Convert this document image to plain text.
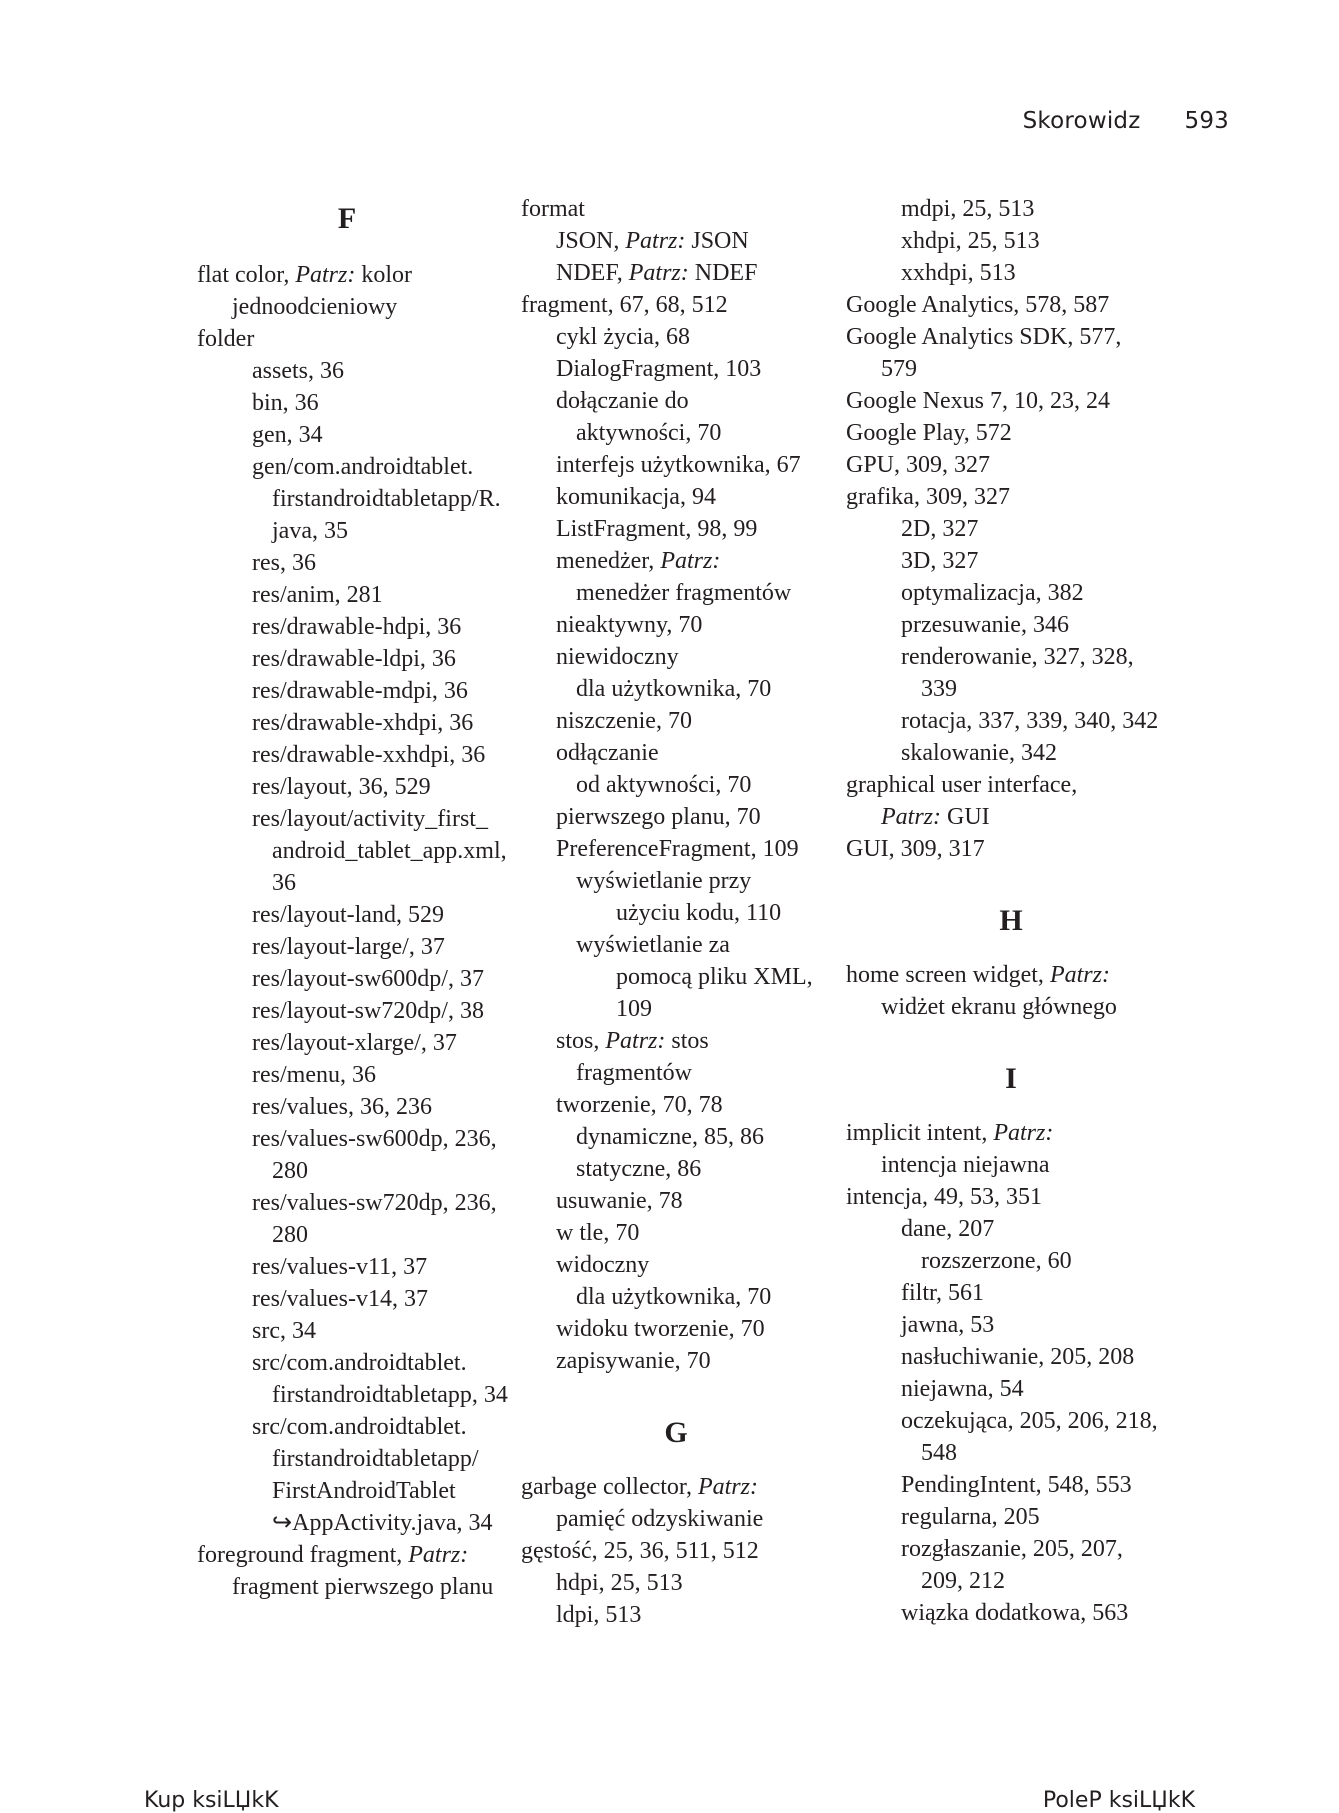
Skorowidz 593
F
flat color, Patrz: kolor
jednoodcieniowy
folder
assets, 36
bin, 36
gen, 34
gen/com.androidtablet.
firstandroidtabletapp/R.
java, 35
res, 36
res/anim, 281
res/drawable-hdpi, 36
res/drawable-ldpi, 36
res/drawable-mdpi, 36
res/drawable-xhdpi, 36
res/drawable-xxhdpi, 36
res/layout, 36, 529
res/layout/activity_first_
android_tablet_app.xml,
36
res/layout-land, 529
res/layout-large/, 37
res/layout-sw600dp/, 37
res/layout-sw720dp/, 38
res/layout-xlarge/, 37
res/menu, 36
res/values, 36, 236
res/values-sw600dp, 236,
280
res/values-sw720dp, 236,
280
res/values-v11, 37
res/values-v14, 37
src, 34
src/com.androidtablet.
firstandroidtabletapp, 34
src/com.androidtablet.
firstandroidtabletapp/
FirstAndroidTablet
↪AppActivity.java, 34
foreground fragment, Patrz:
fragment pierwszego planu
format
JSON, Patrz: JSON
NDEF, Patrz: NDEF
fragment, 67, 68, 512
cykl życia, 68
DialogFragment, 103
dołączanie do
aktywności, 70
interfejs użytkownika, 67
komunikacja, 94
ListFragment, 98, 99
menedżer, Patrz:
menedżer fragmentów
nieaktywny, 70
niewidoczny
dla użytkownika, 70
niszczenie, 70
odłączanie
od aktywności, 70
pierwszego planu, 70
PreferenceFragment, 109
wyświetlanie przy
użyciu kodu, 110
wyświetlanie za
pomocą pliku XML,
109
stos, Patrz: stos
fragmentów
tworzenie, 70, 78
dynamiczne, 85, 86
statyczne, 86
usuwanie, 78
w tle, 70
widoczny
dla użytkownika, 70
widoku tworzenie, 70
zapisywanie, 70
G
garbage collector, Patrz:
pamięć odzyskiwanie
gęstość, 25, 36, 511, 512
hdpi, 25, 513
ldpi, 513
mdpi, 25, 513
xhdpi, 25, 513
xxhdpi, 513
Google Analytics, 578, 587
Google Analytics SDK, 577,
579
Google Nexus 7, 10, 23, 24
Google Play, 572
GPU, 309, 327
grafika, 309, 327
2D, 327
3D, 327
optymalizacja, 382
przesuwanie, 346
renderowanie, 327, 328,
339
rotacja, 337, 339, 340, 342
skalowanie, 342
graphical user interface,
Patrz: GUI
GUI, 309, 317
H
home screen widget, Patrz:
widżet ekranu głównego
I
implicit intent, Patrz:
intencja niejawna
intencja, 49, 53, 351
dane, 207
rozszerzone, 60
filtr, 561
jawna, 53
nasłuchiwanie, 205, 208
niejawna, 54
oczekująca, 205, 206, 218,
548
PendingIntent, 548, 553
regularna, 205
rozgłaszanie, 205, 207,
209, 212
wiązka dodatkowa, 563
Kup ksiLЏkK	PoleP ksiLЏkK
